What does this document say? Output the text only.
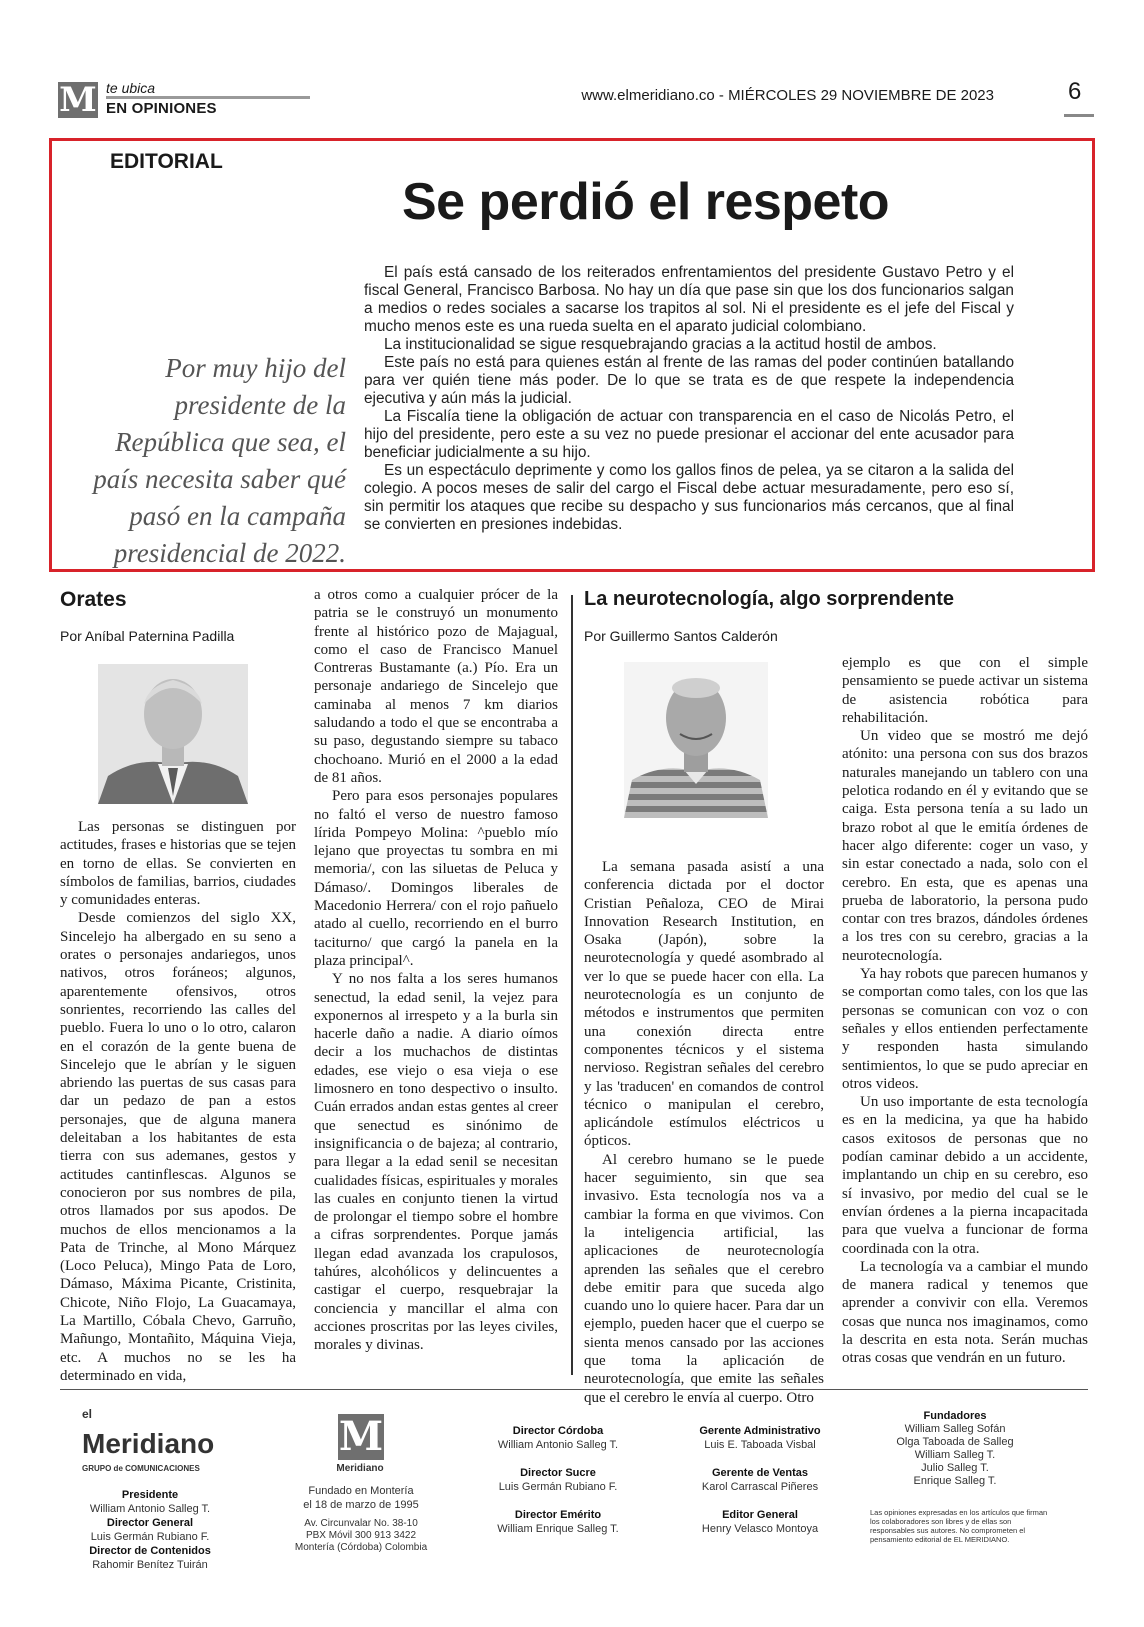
M te ubica
EN OPINIONES
www.elmeridiano.co - MIÉRCOLES 29 NOVIEMBRE DE 2023	6
EDITORIAL
Se perdió el respeto
Por muy hijo del presidente de la República que sea, el país necesita saber qué pasó en la campaña presidencial de 2022.

El país está cansado de los reiterados enfrentamientos del presidente Gustavo Petro y el fiscal General, Francisco Barbosa. No hay un día que pase sin que los dos funcionarios salgan a medios o redes sociales a sacarse los trapitos al sol. Ni el presidente es el jefe del Fiscal y mucho menos este es una rueda suelta en el aparato judicial colombiano.

La institucionalidad se sigue resquebrajando gracias a la actitud hostil de ambos.

Este país no está para quienes están al frente de las ramas del poder continúen batallando para ver quién tiene más poder. De lo que se trata es de que respete la independencia ejecutiva y aún más la judicial.

La Fiscalía tiene la obligación de actuar con transparencia en el caso de Nicolás Petro, el hijo del presidente, pero este a su vez no puede presionar el accionar del ente acusador para beneficiar judicialmente a su hijo.

Es un espectáculo deprimente y como los gallos finos de pelea, ya se citaron a la salida del colegio. A pocos meses de salir del cargo el Fiscal debe actuar mesuradamente, pero eso sí, sin permitir los ataques que recibe su despacho y sus funcionarios más cercanos, que al final se convierten en presiones indebidas.

Orates
Por Aníbal Paternina Padilla

Las personas se distinguen por actitudes, frases e historias que se tejen en torno de ellas. Se convierten en símbolos de familias, barrios, ciudades y comunidades enteras.

Desde comienzos del siglo XX, Sincelejo ha albergado en su seno a orates o personajes andariegos, unos nativos, otros foráneos; algunos, aparentemente ofensivos, otros sonrientes, recorriendo las calles del pueblo. Fuera lo uno o lo otro, calaron en el corazón de la gente buena de Sincelejo que le abrían y le siguen abriendo las puertas de sus casas para dar un pedazo de pan a estos personajes, que de alguna manera deleitaban a los habitantes de esta tierra con sus ademanes, gestos y actitudes cantinflescas. Algunos se conocieron por sus nombres de pila, otros llamados por sus apodos. De muchos de ellos mencionamos a la Pata de Trinche, al Mono Márquez (Loco Peluca), Mingo Pata de Loro, Dámaso, Máxima Picante, Cristinita, Chicote, Niño Flojo, La Guacamaya, La Martillo, Cóbala Chevo, Garruño, Mañungo, Montañito, Máquina Vieja, etc. A muchos no se les ha determinado en vida,

a otros como a cualquier prócer de la patria se le construyó un monumento frente al histórico pozo de Majagual, como el caso de Francisco Manuel Contreras Bustamante (a.) Pío. Era un personaje andariego de Sincelejo que caminaba al menos 7 km diarios saludando a todo el que se encontraba a su paso, degustando siempre su tabaco chochoano. Murió en el 2000 a la edad de 81 años.

Pero para esos personajes populares no faltó el verso de nuestro famoso lírida Pompeyo Molina: ^pueblo mío lejano que proyectas tu sombra en mi memoria/, con las siluetas de Peluca y Dámaso/. Domingos liberales de Macedonio Herrera/ con el rojo pañuelo atado al cuello, recorriendo en el burro taciturno/ que cargó la panela en la plaza principal^.

Y no nos falta a los seres humanos senectud, la edad senil, la vejez para exponernos al irrespeto y a la burla sin hacerle daño a nadie. A diario oímos decir a los muchachos de distintas edades, ese viejo o esa vieja o ese limosnero en tono despectivo o insulto. Cuán errados andan estas gentes al creer que senectud es sinónimo de insignificancia o de bajeza; al contrario, para llegar a la edad senil se necesitan cualidades físicas, espirituales y morales las cuales en conjunto tienen la virtud de prolongar el tiempo sobre el hombre a cifras sorprendentes. Porque jamás llegan edad avanzada los crapulosos, tahúres, alcohólicos y delincuentes a castigar el cuerpo, resquebrajar la conciencia y mancillar el alma con acciones proscritas por las leyes civiles, morales y divinas.

La neurotecnología, algo sorprendente
Por Guillermo Santos Calderón

La semana pasada asistí a una conferencia dictada por el doctor Cristian Peñaloza, CEO de Mirai Innovation Research Institution, en Osaka (Japón), sobre la neurotecnología y quedé asombrado al ver lo que se puede hacer con ella. La neurotecnología es un conjunto de métodos e instrumentos que permiten una conexión directa entre componentes técnicos y el sistema nervioso. Registran señales del cerebro y las 'traducen' en comandos de control técnico o manipulan el cerebro, aplicándole estímulos eléctricos u ópticos.

Al cerebro humano se le puede hacer seguimiento, sin que sea invasivo. Esta tecnología nos va a cambiar la forma en que vivimos. Con la inteligencia artificial, las aplicaciones de neurotecnología aprenden las señales que el cerebro debe emitir para que suceda algo cuando uno lo quiere hacer. Para dar un ejemplo, pueden hacer que el cuerpo se sienta menos cansado por las acciones que toma la aplicación de neurotecnología, que emite las señales que el cerebro le envía al cuerpo. Otro

ejemplo es que con el simple pensamiento se puede activar un sistema de asistencia robótica para rehabilitación.

Un video que se mostró me dejó atónito: una persona con sus dos brazos naturales manejando un tablero con una pelotica rodando en él y evitando que se caiga. Esta persona tenía a su lado un brazo robot al que le emitía órdenes de hacer algo diferente: coger un vaso, y sin estar conectado a nada, solo con el cerebro. En esta, que es apenas una prueba de laboratorio, la persona pudo contar con tres brazos, dándoles órdenes a los tres con su cerebro, gracias a la neurotecnología.

Ya hay robots que parecen humanos y se comportan como tales, con los que las personas se comunican con voz o con señales y ellos entienden perfectamente y responden hasta simulando sentimientos, lo que se pudo apreciar en otros videos.

Un uso importante de esta tecnología es en la medicina, ya que ha habido casos exitosos de personas que no podían caminar debido a un accidente, implantando un chip en su cerebro, eso sí invasivo, por medio del cual se le envían órdenes a la pierna incapacitada para que vuelva a funcionar de forma coordinada con la otra.

La tecnología va a cambiar el mundo de manera radical y tenemos que aprender a convivir con ella. Veremos cosas que nunca nos imaginamos, como la descrita en esta nota. Serán muchas otras cosas que vendrán en un futuro.

el
Meridiano
GRUPO de COMUNICACIONES
Presidente
William Antonio Salleg T.
Director General
Luis Germán Rubiano F.
Director de Contenidos
Rahomir Benítez Tuirán
M
Meridiano
Fundado en Montería
el 18 de marzo de 1995
Av. Circunvalar No. 38-10
PBX Móvil 300 913 3422
Montería (Córdoba) Colombia
Director Córdoba
William Antonio Salleg T.

Director Sucre
Luis Germán Rubiano F.

Director Emérito
William Enrique Salleg T.
Gerente Administrativo
Luis E. Taboada Visbal

Gerente de Ventas
Karol Carrascal Piñeres

Editor General
Henry Velasco Montoya
Fundadores
William Salleg Sofán
Olga Taboada de Salleg
William Salleg T.
Julio Salleg T.
Enrique Salleg T.
Las opiniones expresadas en los artículos que firman los colaboradores son libres y de ellas son responsables sus autores. No comprometen el pensamiento editorial de EL MERIDIANO.
